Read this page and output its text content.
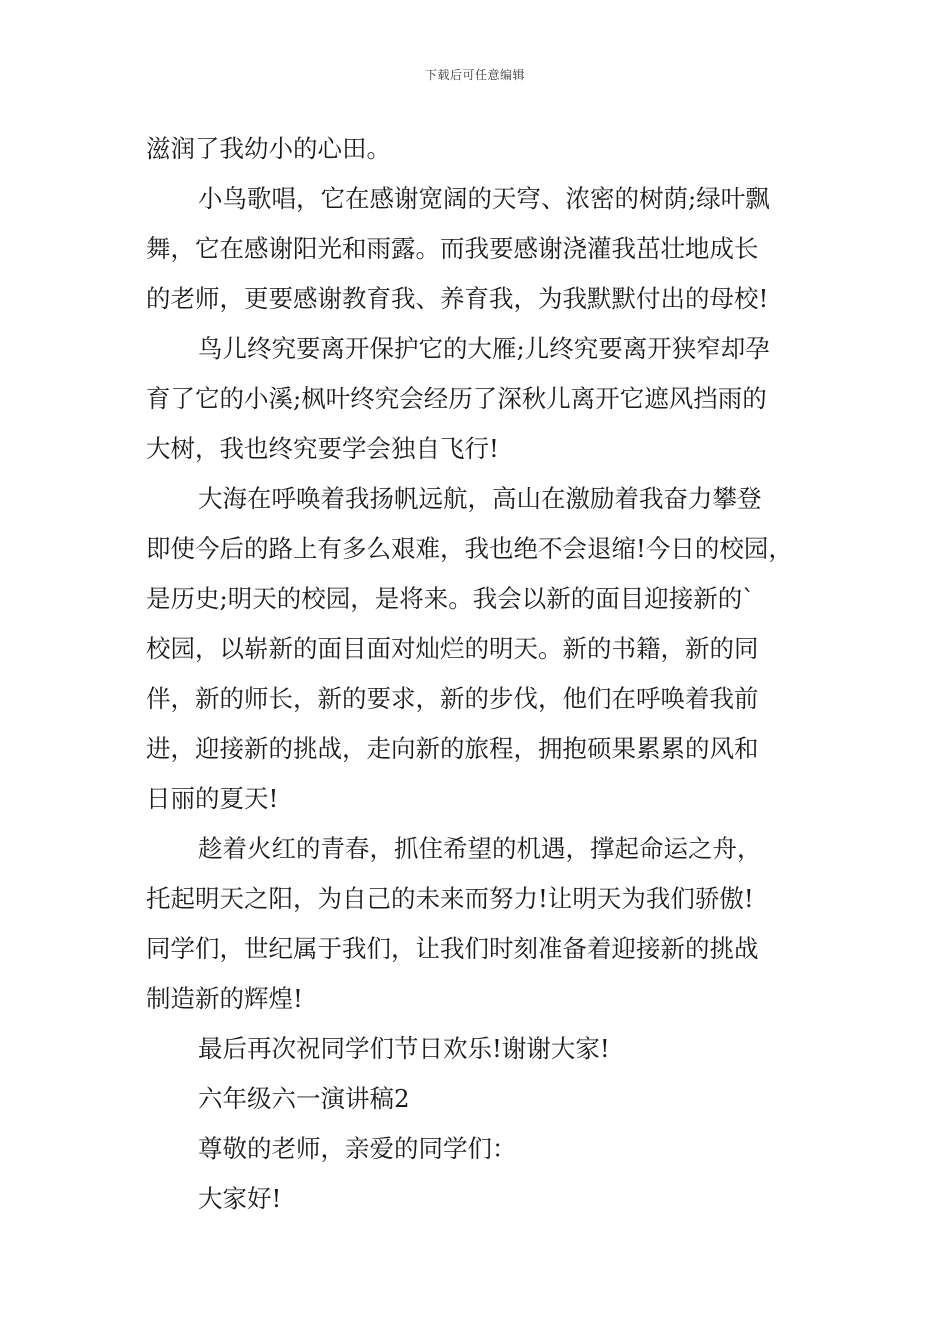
下载后可任意编辑
滋润了我幼小的心田。
小鸟歌唱，它在感谢宽阔的天穹、浓密的树荫;绿叶飘
舞，它在感谢阳光和雨露。而我要感谢浇灌我茁壮地成长
的老师，更要感谢教育我、养育我，为我默默付出的母校!
鸟儿终究要离开保护它的大雁;儿终究要离开狭窄却孕
育了它的小溪;枫叶终究会经历了深秋儿离开它遮风挡雨的
大树，我也终究要学会独自飞行!
大海在呼唤着我扬帆远航，高山在激励着我奋力攀登
即使今后的路上有多么艰难，我也绝不会退缩!今日的校园，
是历史;明天的校园，是将来。我会以新的面目迎接新的`
校园，以崭新的面目面对灿烂的明天。新的书籍，新的同
伴，新的师长，新的要求，新的步伐，他们在呼唤着我前
进，迎接新的挑战，走向新的旅程，拥抱硕果累累的风和
日丽的夏天!
趁着火红的青春，抓住希望的机遇，撑起命运之舟，
托起明天之阳，为自己的未来而努力!让明天为我们骄傲!
同学们，世纪属于我们，让我们时刻准备着迎接新的挑战
制造新的辉煌!
最后再次祝同学们节日欢乐!谢谢大家!
六年级六一演讲稿2
尊敬的老师，亲爱的同学们：
大家好!
